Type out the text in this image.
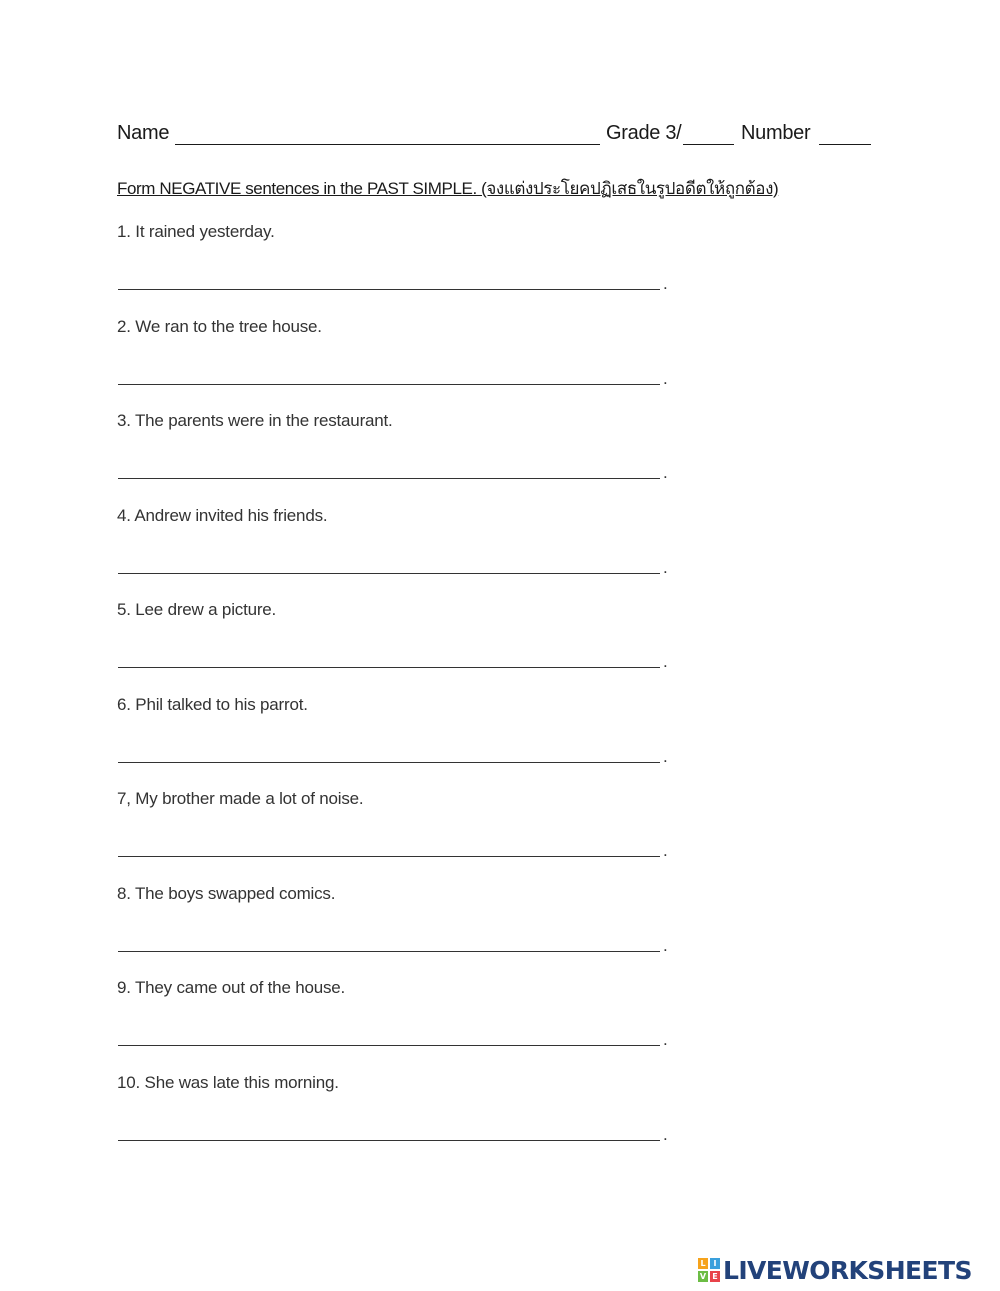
Name	Grade 3/	Number
Form NEGATIVE sentences in the PAST SIMPLE. (จงแต่งประโยคปฏิเสธในรูปอดีตให้ถูกต้อง)
1. It rained yesterday.
.
2. We ran to the tree house.
.
3. The parents were in the restaurant.
.
4. Andrew invited his friends.
.
5. Lee drew a picture.
.
6. Phil talked to his parrot.
.
7, My brother made a lot of noise.
.
8. The boys swapped comics.
.
9. They came out of the house.
.
10. She was late this morning.
.
L I
V E LIVEWORKSHEETS
